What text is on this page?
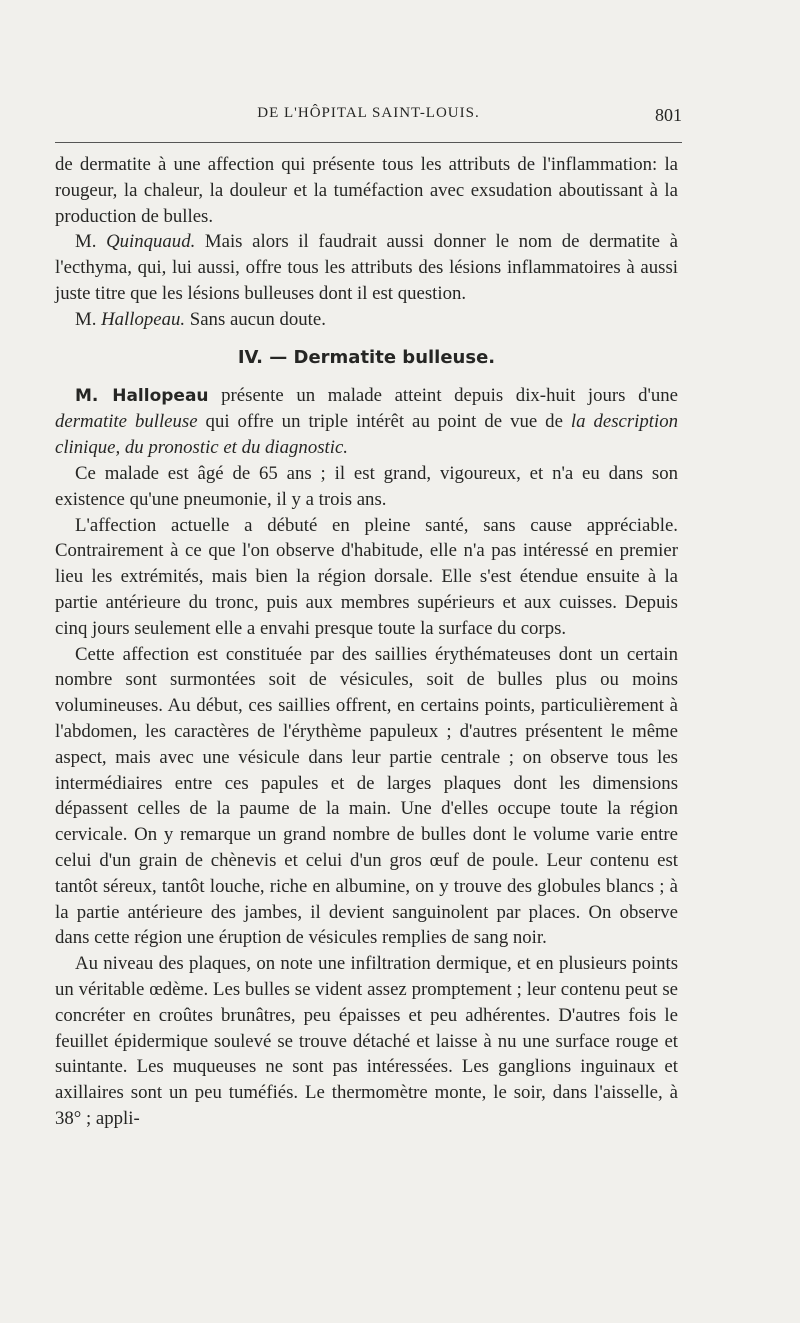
DE L'HÔPITAL SAINT-LOUIS.	801

de dermatite à une affection qui présente tous les attributs de l'inflammation: la rougeur, la chaleur, la douleur et la tuméfaction avec exsudation aboutissant à la production de bulles.

M. Quinquaud. Mais alors il faudrait aussi donner le nom de dermatite à l'ecthyma, qui, lui aussi, offre tous les attributs des lésions inflammatoires à aussi juste titre que les lésions bulleuses dont il est question.

M. Hallopeau. Sans aucun doute.

IV. — Dermatite bulleuse.

M. Hallopeau présente un malade atteint depuis dix-huit jours d'une dermatite bulleuse qui offre un triple intérêt au point de vue de la description clinique, du pronostic et du diagnostic.

Ce malade est âgé de 65 ans ; il est grand, vigoureux, et n'a eu dans son existence qu'une pneumonie, il y a trois ans.

L'affection actuelle a débuté en pleine santé, sans cause appréciable. Contrairement à ce que l'on observe d'habitude, elle n'a pas intéressé en premier lieu les extrémités, mais bien la région dorsale. Elle s'est étendue ensuite à la partie antérieure du tronc, puis aux membres supérieurs et aux cuisses. Depuis cinq jours seulement elle a envahi presque toute la surface du corps.

Cette affection est constituée par des saillies érythémateuses dont un certain nombre sont surmontées soit de vésicules, soit de bulles plus ou moins volumineuses. Au début, ces saillies offrent, en certains points, particulièrement à l'abdomen, les caractères de l'érythème papuleux ; d'autres présentent le même aspect, mais avec une vésicule dans leur partie centrale ; on observe tous les intermédiaires entre ces papules et de larges plaques dont les dimensions dépassent celles de la paume de la main. Une d'elles occupe toute la région cervicale. On y remarque un grand nombre de bulles dont le volume varie entre celui d'un grain de chènevis et celui d'un gros œuf de poule. Leur contenu est tantôt séreux, tantôt louche, riche en albumine, on y trouve des globules blancs ; à la partie antérieure des jambes, il devient sanguinolent par places. On observe dans cette région une éruption de vésicules remplies de sang noir.

Au niveau des plaques, on note une infiltration dermique, et en plusieurs points un véritable œdème. Les bulles se vident assez promptement ; leur contenu peut se concréter en croûtes brunâtres, peu épaisses et peu adhérentes. D'autres fois le feuillet épidermique soulevé se trouve détaché et laisse à nu une surface rouge et suintante. Les muqueuses ne sont pas intéressées. Les ganglions inguinaux et axillaires sont un peu tuméfiés. Le thermomètre monte, le soir, dans l'aisselle, à 38° ; appli-
